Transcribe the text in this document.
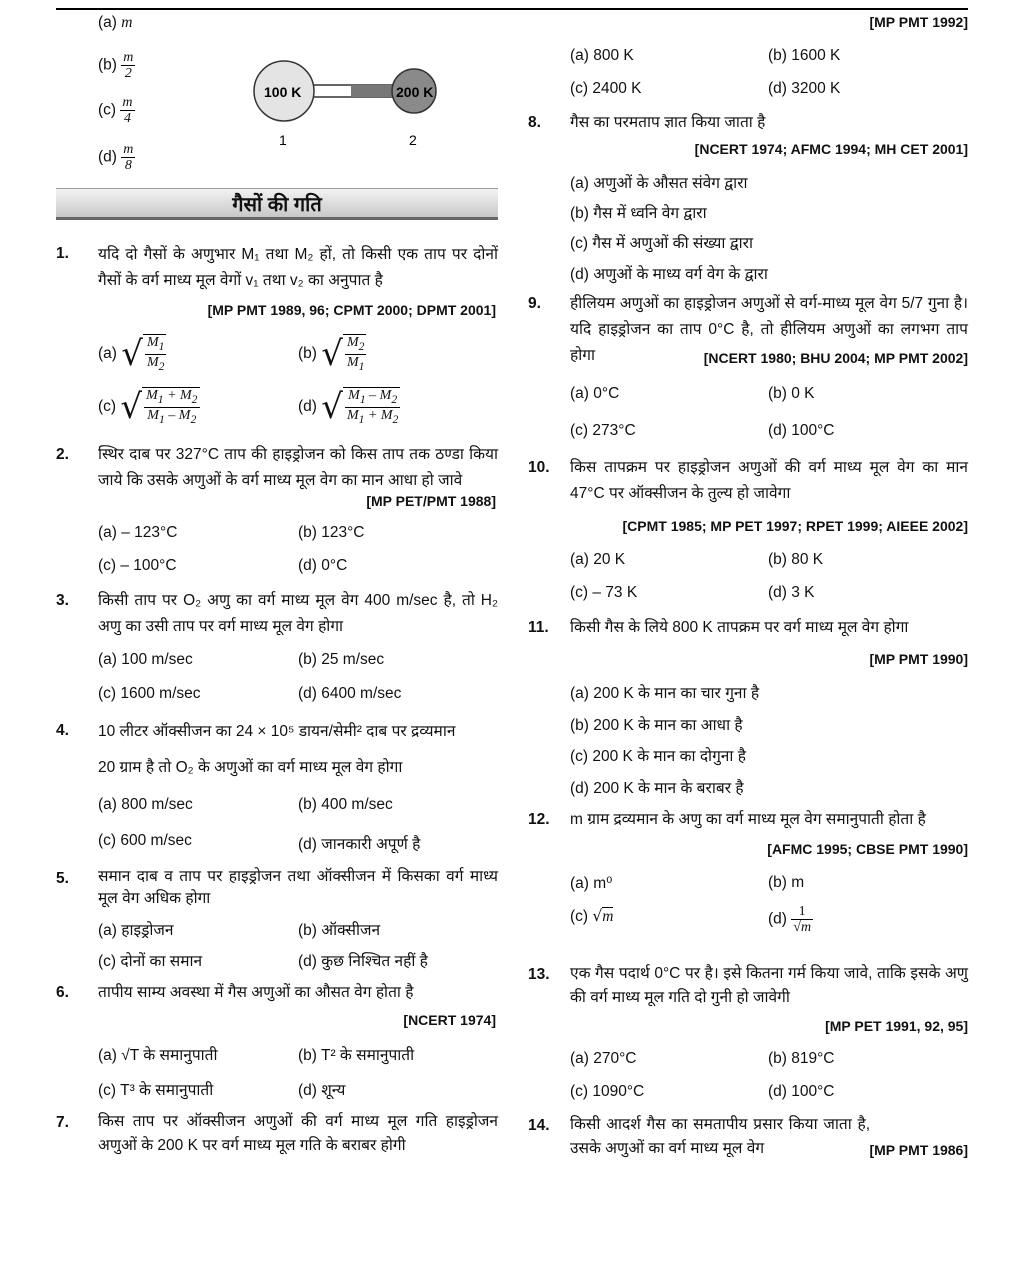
(a) m
$(b) \frac{m}{2}$
$(c) \frac{m}{4}$
$(d) \frac{m}{8}$
100 K	200 K
1	2
गैसों की गति
1.	यदि दो गैसों के अणुभार M₁ तथा M₂ हों, तो किसी एक ताप पर दोनों गैसों के वर्ग माध्य मूल वेगों v₁ तथा v₂ का अनुपात है
[MP PMT 1989, 96; CPMT 2000; DPMT 2001]
(a) √ $\frac{M_1}{M_2}$	(b) √ $\frac{M_2}{M_1}$
(c) √ $\frac{M_1 + M_2}{M_1 - M_2}$	(d) √ $\frac{M_1 - M_2}{M_1 + M_2}$
2.	स्थिर दाब पर 327°C ताप की हाइड्रोजन को किस ताप तक ठण्डा किया जाये कि उसके अणुओं के वर्ग माध्य मूल वेग का मान आधा हो जावे
[MP PET/PMT 1988]
(a) – 123°C	(b) 123°C
(c) – 100°C	(d) 0°C
3.	किसी ताप पर O₂ अणु का वर्ग माध्य मूल वेग 400 m/sec है, तो H₂ अणु का उसी ताप पर वर्ग माध्य मूल वेग होगा
(a) 100 m/sec	(b) 25 m/sec
(c) 1600 m/sec	(d) 6400 m/sec
4.	10 लीटर ऑक्सीजन का 24 × 10⁵ डायन/सेमी² दाब पर द्रव्यमान
20 ग्राम है तो O₂ के अणुओं का वर्ग माध्य मूल वेग होगा
(a) 800 m/sec	(b) 400 m/sec
(c) 600 m/sec	(d) जानकारी अपूर्ण है
5.	समान दाब व ताप पर हाइड्रोजन तथा ऑक्सीजन में किसका वर्ग माध्य मूल वेग अधिक होगा
(a) हाइड्रोजन	(b) ऑक्सीजन
(c) दोनों का समान	(d) कुछ निश्चित नहीं है
6.	तापीय साम्य अवस्था में गैस अणुओं का औसत वेग होता है
[NCERT 1974]
(a) √T के समानुपाती	(b) T² के समानुपाती
(c) T³ के समानुपाती	(d) शून्य
7.	किस ताप पर ऑक्सीजन अणुओं की वर्ग माध्य मूल गति हाइड्रोजन अणुओं के 200 K पर वर्ग माध्य मूल गति के बराबर होगी
[MP PMT 1992]
(a) 800 K	(b) 1600 K
(c) 2400 K	(d) 3200 K
8.	गैस का परमताप ज्ञात किया जाता है
[NCERT 1974; AFMC 1994; MH CET 2001]
(a) अणुओं के औसत संवेग द्वारा
(b) गैस में ध्वनि वेग द्वारा
(c) गैस में अणुओं की संख्या द्वारा
(d) अणुओं के माध्य वर्ग वेग के द्वारा
9.	हीलियम अणुओं का हाइड्रोजन अणुओं से वर्ग-माध्य मूल वेग 5/7 गुना है। यदि हाइड्रोजन का ताप 0°C है, तो हीलियम अणुओं का लगभग ताप होगा	[NCERT 1980; BHU 2004; MP PMT 2002]
(a) 0°C	(b) 0 K
(c) 273°C	(d) 100°C
10.	किस तापक्रम पर हाइड्रोजन अणुओं की वर्ग माध्य मूल वेग का मान 47°C पर ऑक्सीजन के तुल्य हो जावेगा
[CPMT 1985; MP PET 1997; RPET 1999; AIEEE 2002]
(a) 20 K	(b) 80 K
(c) – 73 K	(d) 3 K
11.	किसी गैस के लिये 800 K तापक्रम पर वर्ग माध्य मूल वेग होगा
[MP PMT 1990]
(a) 200 K के मान का चार गुना है
(b) 200 K के मान का आधा है
(c) 200 K के मान का दोगुना है
(d) 200 K के मान के बराबर है
12.	m ग्राम द्रव्यमान के अणु का वर्ग माध्य मूल वेग समानुपाती होता है
[AFMC 1995; CBSE PMT 1990]
(a) m⁰	(b) m
(c) √m	$(d) \frac{1}{√m}$
13.	एक गैस पदार्थ 0°C पर है। इसे कितना गर्म किया जावे, ताकि इसके अणु की वर्ग माध्य मूल गति दो गुनी हो जावेगी
[MP PET 1991, 92, 95]
(a) 270°C	(b) 819°C
(c) 1090°C	(d) 100°C
14.	किसी आदर्श गैस का समतापीय प्रसार किया जाता है, उसके अणुओं का वर्ग माध्य मूल वेग	[MP PMT 1986]
